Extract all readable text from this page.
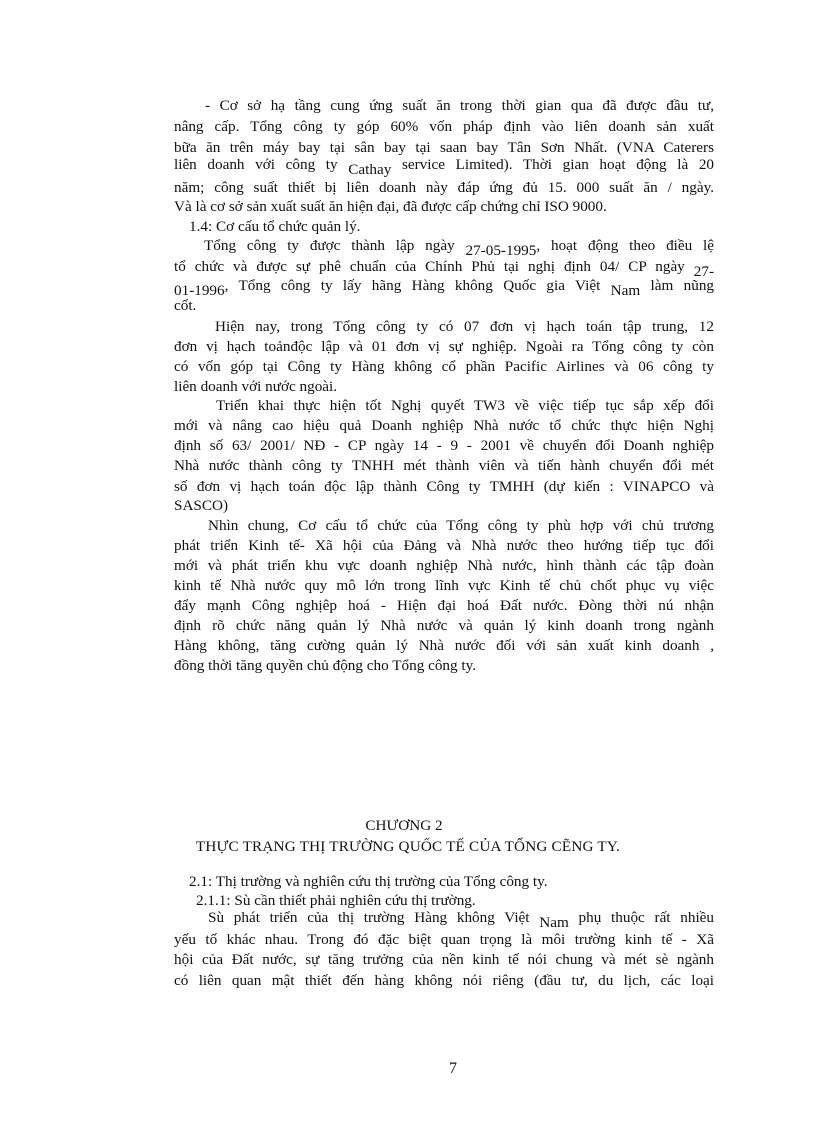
- Cơ sở hạ tầng cung ứng suất ăn trong thời gian qua đã được đầu tư,
nâng cấp. Tổng công ty góp 60% vốn pháp định vào liên doanh sản xuất
bữa ăn trên máy bay tại sân bay tại saan bay Tân Sơn Nhất. (VNA Caterers
liên doanh với công ty Cathay service Limited). Thời gian hoạt động là 20
năm; công suất thiết bị liên doanh này đáp ứng đủ 15. 000 suất ăn / ngày.
Và là cơ sở sản xuất suất ăn hiện đại, đã được cấp chứng chỉ ISO 9000.
1.4: Cơ cấu tổ chức quản lý.
Tổng công ty được thành lập ngày 27-05-1995, hoạt động theo điều lệ
tổ chức và được sự phê chuẩn của Chính Phủ tại nghị định 04/ CP ngày 27-
01-1996, Tổng công ty lấy hãng Hàng không Quốc gia Việt Nam làm nũng
cốt.
Hiện nay, trong Tổng công ty có 07 đơn vị hạch toán tập trung, 12
đơn vị hạch toảnđộc lập và 01 đơn vị sự nghiệp. Ngoài ra Tổng công ty còn
có vốn góp tại Công ty Hàng không cổ phần Pacific Airlines và 06 công ty
liên doanh với nước ngoài.
Triển khai thực hiện tốt Nghị quyết TW3 về việc tiếp tục sắp xếp đổi
mới và nâng cao hiệu quả Doanh nghiệp Nhà nước tổ chức thực hiện Nghị
định số 63/ 2001/ NĐ - CP ngày 14 - 9 - 2001 về chuyển đổi Doanh nghiệp
Nhà nước thành công ty TNHH mét thành viên và tiến hành chuyển đổi mét
số đơn vị hạch toán độc lập thành Công ty TMHH (dự kiến : VINAPCO và
SASCO)
Nhìn chung, Cơ cấu tổ chức của Tổng công ty phù hợp với chủ trương
phát triển Kinh tế- Xã hội của Đảng và Nhà nước theo hướng tiếp tục đổi
mới và phát triển khu vực doanh nghiệp Nhà nước, hình thành các tập đoàn
kinh tế Nhà nước quy mô lớn trong lĩnh vực Kinh tế chủ chốt phục vụ việc
đẩy mạnh Công nghịêp hoá - Hiện đại hoá Đất nước. Đòng thời nú nhận
định rõ chức năng quản lý Nhà nước và quản lý kinh doanh trong ngành
Hàng không, tăng cường quản lý Nhà nước đối với sản xuất kinh doanh ,
đồng thời tăng quyền chủ động cho Tổng công ty.
CHƯƠNG 2
THỰC TRẠNG THỊ TRƯỜNG QUỐC TẾ CỦA TỔNG CẼNG TY.
2.1: Thị trường và nghiên cứu thị trường của Tổng công ty.
2.1.1: Sù cần thiết phải nghiên cứu thị trường.
Sù phát triển của thị trường Hàng không Việt Nam phụ thuộc rất nhiều
yếu tố khác nhau. Trong đó đặc biệt quan trọng là môi trường kinh tế - Xã
hội của Đất nước, sự tăng trưởng của nền kinh tế nói chung và mét sè ngành
có liên quan mật thiết đến hàng không nói riêng (đầu tư, du lịch, các loại
7
